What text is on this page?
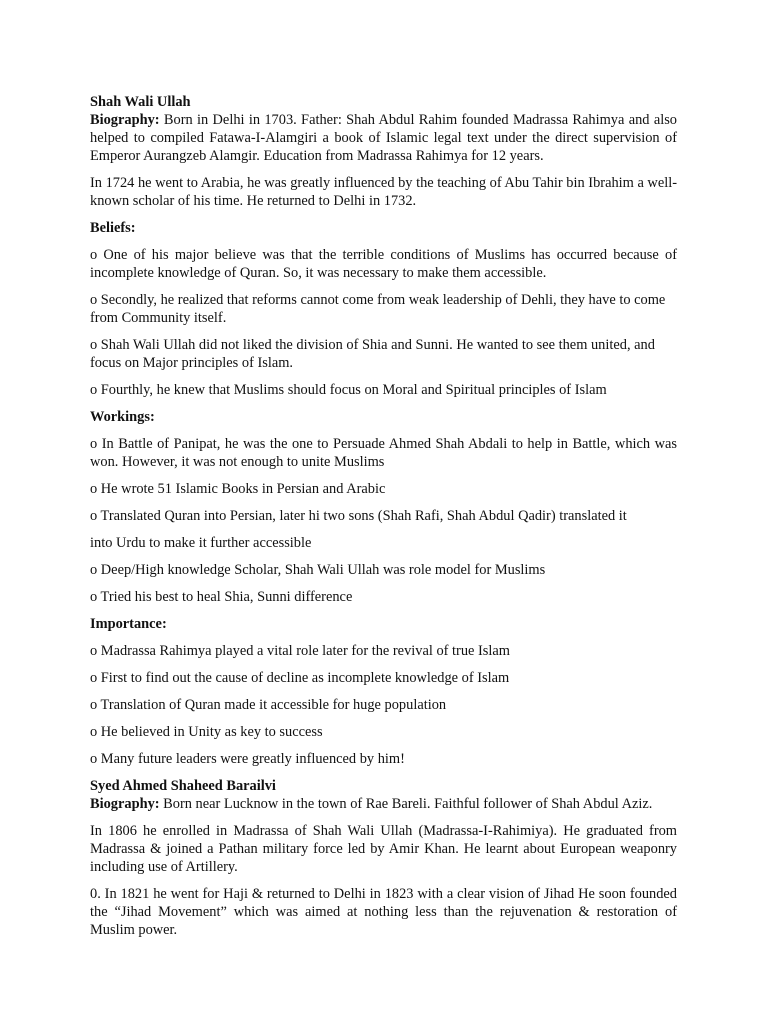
Shah Wali Ullah

Biography: Born in Delhi in 1703. Father: Shah Abdul Rahim founded Madrassa Rahimya and also helped to compiled Fatawa-I-Alamgiri a book of Islamic legal text under the direct supervision of Emperor Aurangzeb Alamgir. Education from Madrassa Rahimya for 12 years.

In 1724 he went to Arabia, he was greatly influenced by the teaching of Abu Tahir bin Ibrahim a well-known scholar of his time. He returned to Delhi in 1732.

Beliefs:

o One of his major believe was that the terrible conditions of Muslims has occurred because of incomplete knowledge of Quran. So, it was necessary to make them accessible.

o Secondly, he realized that reforms cannot come from weak leadership of Dehli, they have to come from Community itself.

o Shah Wali Ullah did not liked the division of Shia and Sunni. He wanted to see them united, and focus on Major principles of Islam.

o Fourthly, he knew that Muslims should focus on Moral and Spiritual principles of Islam

Workings:

o In Battle of Panipat, he was the one to Persuade Ahmed Shah Abdali to help in Battle, which was won. However, it was not enough to unite Muslims

o He wrote 51 Islamic Books in Persian and Arabic

o Translated Quran into Persian, later hi two sons (Shah Rafi, Shah Abdul Qadir) translated it

into Urdu to make it further accessible

o Deep/High knowledge Scholar, Shah Wali Ullah was role model for Muslims

o Tried his best to heal Shia, Sunni difference

Importance:

o Madrassa Rahimya played a vital role later for the revival of true Islam

o First to find out the cause of decline as incomplete knowledge of Islam

o Translation of Quran made it accessible for huge population

o He believed in Unity as key to success

o Many future leaders were greatly influenced by him!

Syed Ahmed Shaheed Barailvi

Biography: Born near Lucknow in the town of Rae Bareli. Faithful follower of Shah Abdul Aziz.

In 1806 he enrolled in Madrassa of Shah Wali Ullah (Madrassa-I-Rahimiya). He graduated from Madrassa & joined a Pathan military force led by Amir Khan. He learnt about European weaponry including use of Artillery.

0. In 1821 he went for Haji & returned to Delhi in 1823 with a clear vision of Jihad He soon founded the “Jihad Movement” which was aimed at nothing less than the rejuvenation & restoration of Muslim power.
